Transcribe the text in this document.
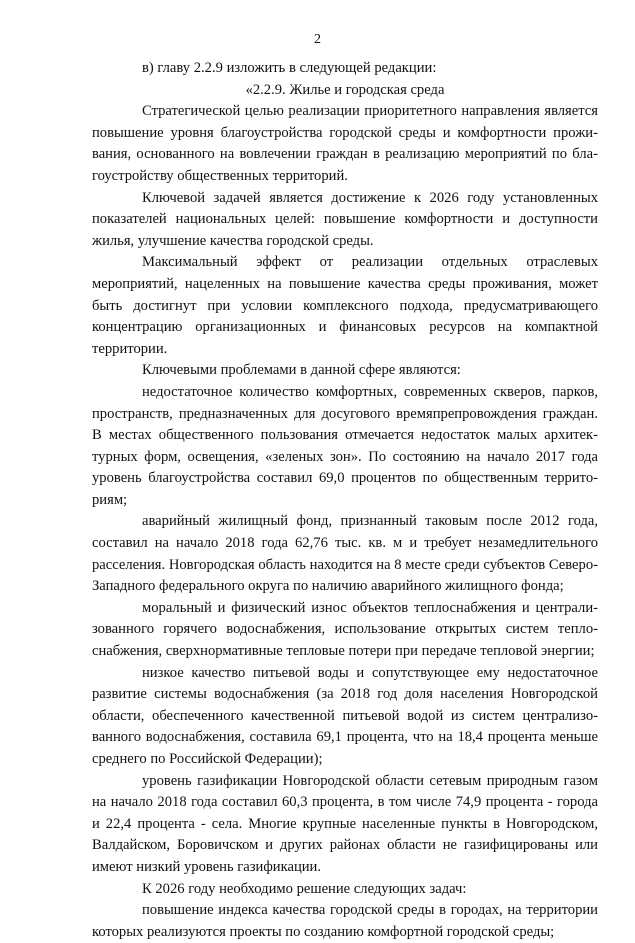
2

в) главу 2.2.9 изложить в следующей редакции:

«2.2.9. Жилье и городская среда

Стратегической целью реализации приоритетного направления является повышение уровня благоустройства городской среды и комфортности проживания, основанного на вовлечении граждан в реализацию мероприятий по благоустройству общественных территорий.

Ключевой задачей является достижение к 2026 году установленных показателей национальных целей: повышение комфортности и доступности жилья, улучшение качества городской среды.

Максимальный эффект от реализации отдельных отраслевых мероприятий, нацеленных на повышение качества среды проживания, может быть достигнут при условии комплексного подхода, предусматривающего концентрацию организационных и финансовых ресурсов на компактной территории.

Ключевыми проблемами в данной сфере являются:

недостаточное количество комфортных, современных скверов, парков, пространств, предназначенных для досугового времяпрепровождения граждан. В местах общественного пользования отмечается недостаток малых архитектурных форм, освещения, «зеленых зон». По состоянию на начало 2017 года уровень благоустройства составил 69,0 процентов по общественным территориям;

аварийный жилищный фонд, признанный таковым после 2012 года, составил на начало 2018 года 62,76 тыс. кв. м и требует незамедлительного расселения. Новгородская область находится на 8 месте среди субъектов Северо-Западного федерального округа по наличию аварийного жилищного фонда;

моральный и физический износ объектов теплоснабжения и централизованного горячего водоснабжения, использование открытых систем теплоснабжения, сверхнормативные тепловые потери при передаче тепловой энергии;

низкое качество питьевой воды и сопутствующее ему недостаточное развитие системы водоснабжения (за 2018 год доля населения Новгородской области, обеспеченного качественной питьевой водой из систем централизованного водоснабжения, составила 69,1 процента, что на 18,4 процента меньше среднего по Российской Федерации);

уровень газификации Новгородской области сетевым природным газом на начало 2018 года составил 60,3 процента, в том числе 74,9 процента - города и 22,4 процента - села. Многие крупные населенные пункты в Новгородском, Валдайском, Боровичском и других районах области не газифицированы или имеют низкий уровень газификации.

К 2026 году необходимо решение следующих задач:

повышение индекса качества городской среды в городах, на территории которых реализуются проекты по созданию комфортной городской среды;
